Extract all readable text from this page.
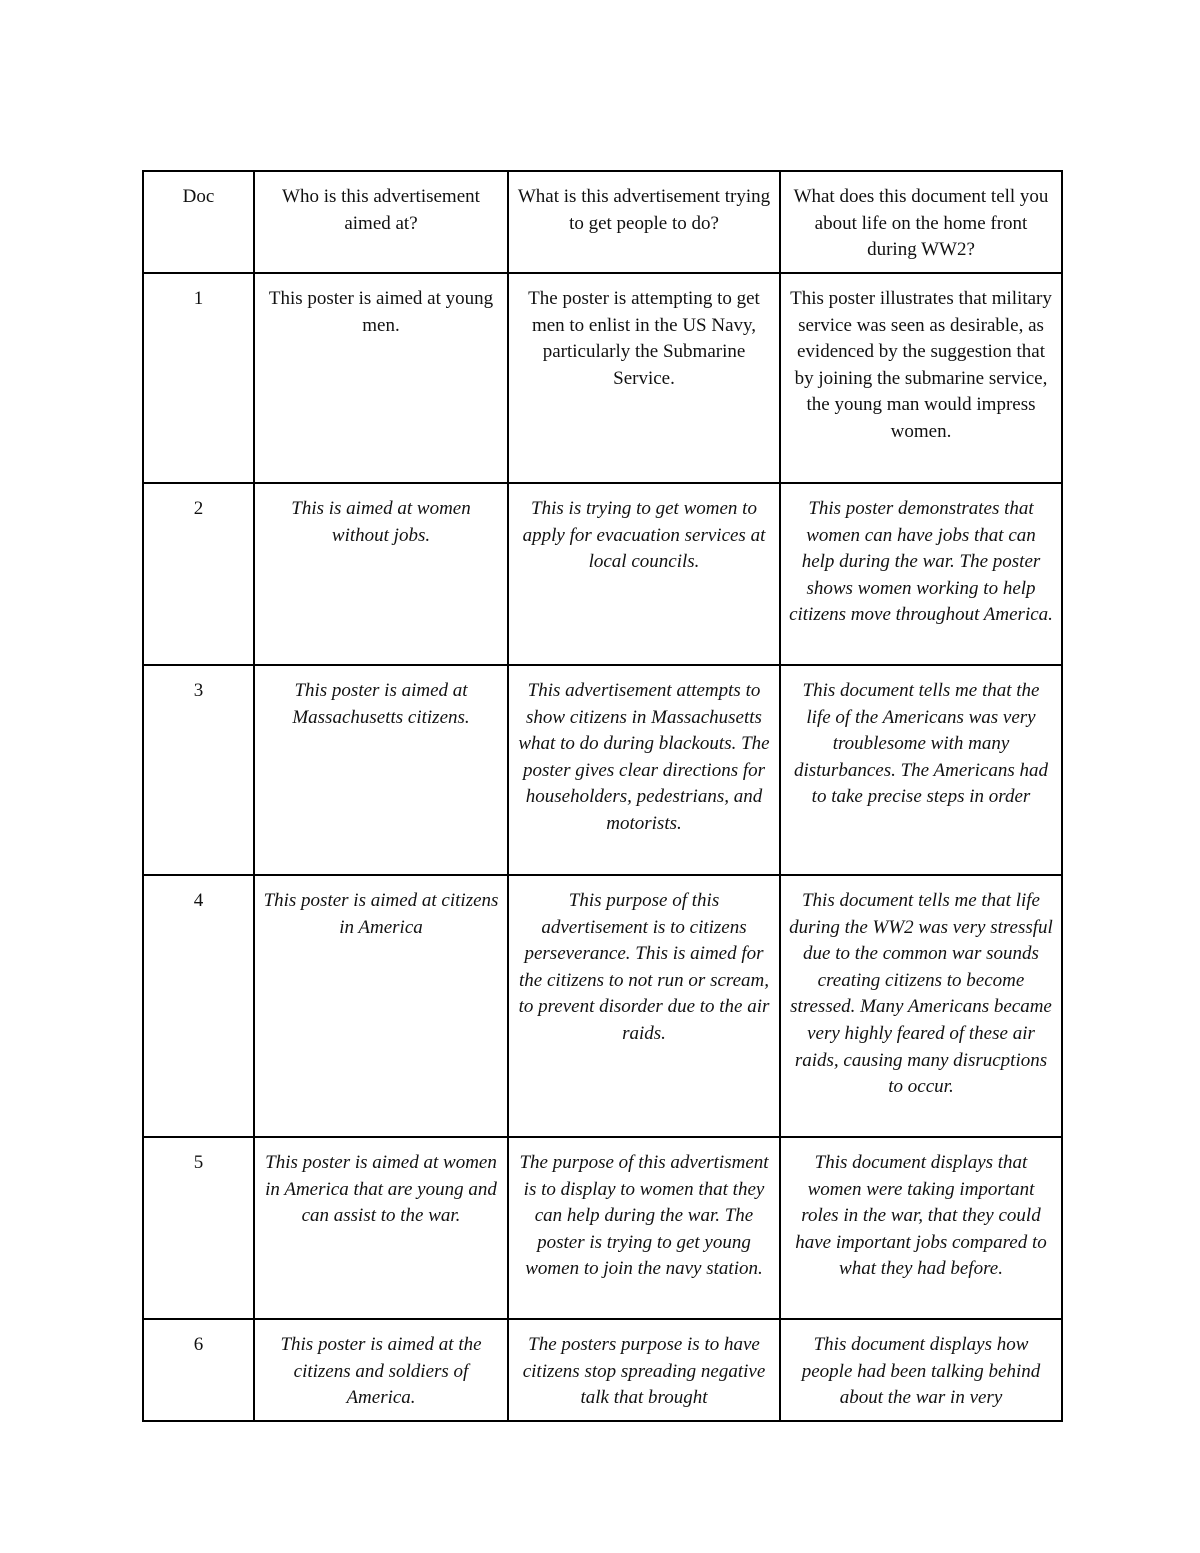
Doc	Who is this advertisement aimed at?	What is this advertisement trying to get people to do?	What does this document tell you about life on the home front during WW2?
1	This poster is aimed at young men.	The poster is attempting to get men to enlist in the US Navy, particularly the Submarine Service.	This poster illustrates that military service was seen as desirable, as evidenced by the suggestion that by joining the submarine service, the young man would impress women.
2	This is aimed at women without jobs.	This is trying to get women to apply for evacuation services at local councils.	This poster demonstrates that women can have jobs that can help during the war. The poster shows women working to help citizens move throughout America.
3	This poster is aimed at Massachusetts citizens.	This advertisement attempts to show citizens in Massachusetts what to do during blackouts. The poster gives clear directions for householders, pedestrians, and motorists.	This document tells me that the life of the Americans was very troublesome with many disturbances. The Americans had to take precise steps in order
4	This poster is aimed at citizens in America	This purpose of this advertisement is to citizens perseverance. This is aimed for the citizens to not run or scream, to prevent disorder due to the air raids.	This document tells me that life during the WW2 was very stressful due to the common war sounds creating citizens to become stressed. Many Americans became very highly feared of these air raids, causing many disrucptions to occur.
5	This poster is aimed at women in America that are young and can assist to the war.	The purpose of this advertisment is to display to women that they can help during the war. The poster is trying to get young women to join the navy station.	This document displays that women were taking important roles in the war, that they could have important jobs compared to what they had before.
6	This poster is aimed at the citizens and soldiers of America.	The posters purpose is to have citizens stop spreading negative talk that brought	This document displays how people had been talking behind about the war in very
